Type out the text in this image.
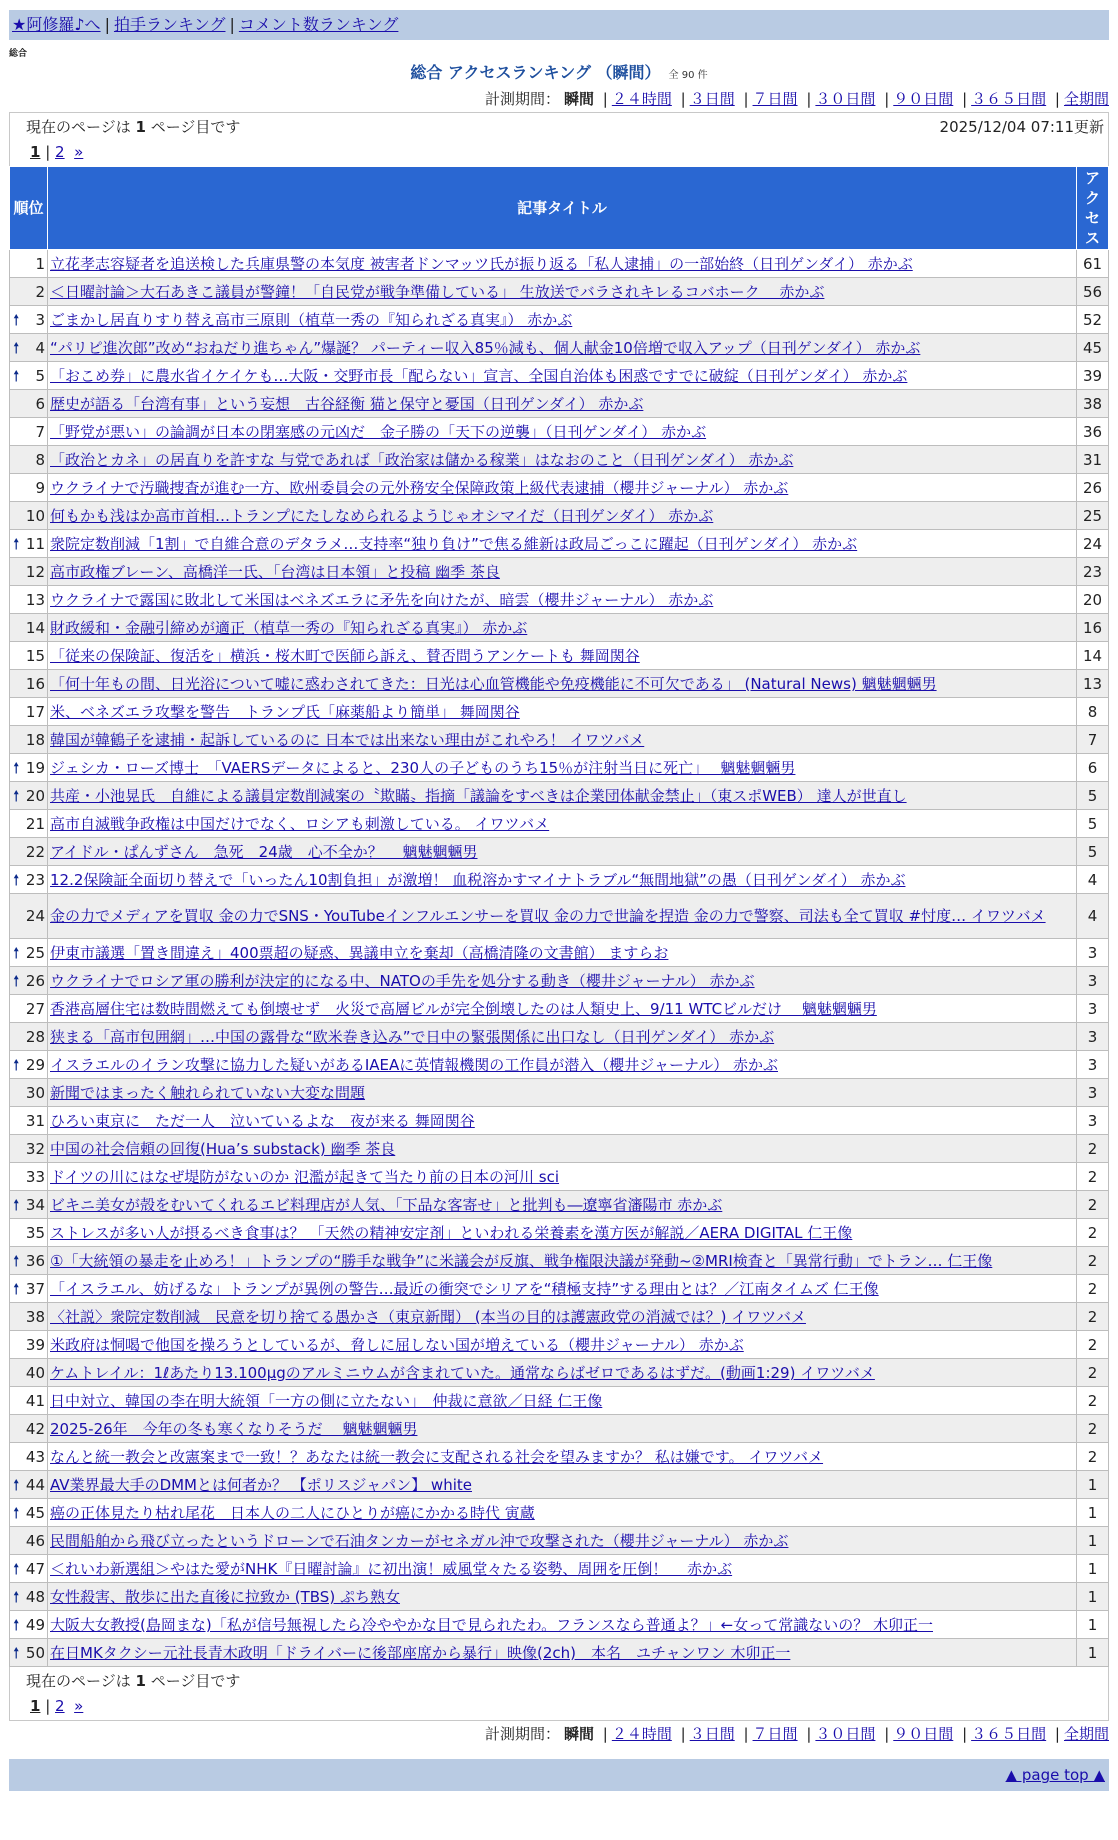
★阿修羅♪へ | 拍手ランキング | コメント数ランキング
総合
総合 アクセスランキング （瞬間） 全 90 件
計測期間： 瞬間 | ２４時間 | ３日間 | ７日間 | ３０日間 | ９０日間 | ３６５日間 | 全期間
現在のページは 1 ページ目です	2025/12/04 07:11更新
1 | 2 »
順位	記事タイトル	アクセス
1	立花孝志容疑者を追送検した兵庫県警の本気度 被害者ドンマッツ氏が振り返る「私人逮捕」の一部始終（日刊ゲンダイ） 赤かぶ	61
2	＜日曜討論＞大石あきこ議員が警鐘！「自民党が戦争準備している」 生放送でバラされキレるコバホーク　 赤かぶ	56

🠕 3	ごまかし居直りすり替え高市三原則（植草一秀の『知られざる真実』） 赤かぶ	52

🠕 4	“パリピ進次郎”改め“おねだり進ちゃん”爆誕？ パーティー収入85％減も、個人献金10倍増で収入アップ（日刊ゲンダイ） 赤かぶ	45

🠕 5	「おこめ券」に農水省イケイケも…大阪・交野市長「配らない」宣言、全国自治体も困惑ですでに破綻（日刊ゲンダイ） 赤かぶ	39
6	歴史が語る「台湾有事」という妄想　古谷経衡 猫と保守と憂国（日刊ゲンダイ） 赤かぶ	38
7	「野党が悪い」の論調が日本の閉塞感の元凶だ　金子勝の「天下の逆襲」（日刊ゲンダイ） 赤かぶ	36
8	「政治とカネ」の居直りを許すな 与党であれば「政治家は儲かる稼業」はなおのこと（日刊ゲンダイ） 赤かぶ	31
9	ウクライナで汚職捜査が進む一方、欧州委員会の元外務安全保障政策上級代表逮捕（櫻井ジャーナル） 赤かぶ	26
10	何もかも浅はか高市首相…トランプにたしなめられるようじゃオシマイだ（日刊ゲンダイ） 赤かぶ	25

🠕 11	衆院定数削減「1割」で自維合意のデタラメ…支持率“独り負け”で焦る維新は政局ごっこに躍起（日刊ゲンダイ） 赤かぶ	24
12	高市政権ブレーン、高橋洋一氏、「台湾は日本領」と投稿 幽季 茶良	23
13	ウクライナで露国に敗北して米国はベネズエラに矛先を向けたが、暗雲（櫻井ジャーナル） 赤かぶ	20
14	財政緩和・金融引締めが適正（植草一秀の『知られざる真実』） 赤かぶ	16
15	「従来の保険証、復活を」横浜・桜木町で医師ら訴え、賛否問うアンケートも 舞岡関谷	14
16	「何十年もの間、日光浴について嘘に惑わされてきた：日光は心血管機能や免疫機能に不可欠である」 (Natural News) 魑魅魍魎男	13
17	米、ベネズエラ攻撃を警告　トランプ氏「麻薬船より簡単」 舞岡関谷	8
18	韓国が韓鶴子を逮捕・起訴しているのに 日本では出来ない理由がこれやろ！ イワツバメ	7

🠕 19	ジェシカ・ローズ博士　「VAERSデータによると、230人の子どものうち15％が注射当日に死亡」　 魑魅魍魎男	6

🠕 20	共産・小池晃氏　自維による議員定数削減案の〝欺瞞〟指摘「議論をすべきは企業団体献金禁止」（東スポWEB） 達人が世直し	5
21	高市自滅戦争政権は中国だけでなく、ロシアも刺激している。 イワツバメ	5
22	アイドル・ぱんずさん　急死　24歳　心不全か？　 魑魅魍魎男	5

🠕 23	12.2保険証全面切り替えで「いったん10割負担」が激増！ 血税溶かすマイナトラブル“無間地獄”の愚（日刊ゲンダイ） 赤かぶ	4
24	金の力でメディアを買収 金の力でSNS・YouTubeインフルエンサーを買収 金の力で世論を捏造 金の力で警察、司法も全て買収 #忖度… イワツバメ	4

🠕 25	伊東市議選「置き間違え」400票超の疑惑、異議申立を棄却（高橋清隆の文書館） ますらお	3

🠕 26	ウクライナでロシア軍の勝利が決定的になる中、NATOの手先を処分する動き（櫻井ジャーナル） 赤かぶ	3
27	香港高層住宅は数時間燃えても倒壊せず　火災で高層ビルが完全倒壊したのは人類史上、9/11 WTCビルだけ　 魑魅魍魎男	3
28	狭まる「高市包囲網」…中国の露骨な“欧米巻き込み”で日中の緊張関係に出口なし（日刊ゲンダイ） 赤かぶ	3

🠕 29	イスラエルのイラン攻撃に協力した疑いがあるIAEAに英情報機関の工作員が潜入（櫻井ジャーナル） 赤かぶ	3
30	新聞ではまったく触れられていない大変な問題	3
31	ひろい東京に　ただ一人　泣いているよな　夜が来る 舞岡関谷	3
32	中国の社会信頼の回復(Hua’s substack) 幽季 茶良	2
33	ドイツの川にはなぜ堤防がないのか 氾濫が起きて当たり前の日本の河川 sci	2

🠕 34	ビキニ美女が殻をむいてくれるエビ料理店が人気、「下品な客寄せ」と批判も―遼寧省瀋陽市 赤かぶ	2
35	ストレスが多い人が摂るべき食事は？ 「天然の精神安定剤」といわれる栄養素を漢方医が解説／AERA DIGITAL 仁王像	2

🠕 36	①「大統領の暴走を止めろ！」トランプの“勝手な戦争”に米議会が反旗、戦争権限決議が発動~②MRI検査と「異常行動」でトラン… 仁王像	2

🠕 37	「イスラエル、妨げるな」トランプが異例の警告…最近の衝突でシリアを“積極支持”する理由とは？／江南タイムズ 仁王像	2
38	〈社説〉衆院定数削減　民意を切り捨てる愚かさ（東京新聞） (本当の目的は護憲政党の消滅では？) イワツバメ	2
39	米政府は恫喝で他国を操ろうとしているが、脅しに屈しない国が増えている（櫻井ジャーナル） 赤かぶ	2
40	ケムトレイル：1ℓあたり13.100μgのアルミニウムが含まれていた。通常ならばゼロであるはずだ。(動画1:29) イワツバメ	2
41	日中対立、韓国の李在明大統領「一方の側に立たない」　仲裁に意欲／日経 仁王像	2
42	2025-26年　今年の冬も寒くなりそうだ　 魑魅魍魎男	2
43	なんと統一教会と改憲案まで一致！？あなたは統一教会に支配される社会を望みますか？ 私は嫌です。 イワツバメ	2

🠕 44	AV業界最大手のDMMとは何者か？ 【ポリスジャパン】 white	1

🠕 45	癌の正体見たり枯れ尾花　日本人の二人にひとりが癌にかかる時代 寅蔵	1
46	民間船舶から飛び立ったというドローンで石油タンカーがセネガル沖で攻撃された（櫻井ジャーナル） 赤かぶ	1

🠕 47	＜れいわ新選組＞やはた愛がNHK『日曜討論』に初出演！威風堂々たる姿勢、周囲を圧倒！　 赤かぶ	1

🠕 48	女性殺害、散歩に出た直後に拉致か (TBS) ぷち熟女	1

🠕 49	大阪大女教授(島岡まな)「私が信号無視したら冷ややかな目で見られたわ。フランスなら普通よ？」←女って常識ないの？ 木卯正一	1

🠕 50	在日MKタクシー元社長青木政明「ドライバーに後部座席から暴行」映像(2ch)　本名　ユチャンワン 木卯正一	1
現在のページは 1 ページ目です
1 | 2 »
計測期間： 瞬間 | ２４時間 | ３日間 | ７日間 | ３０日間 | ９０日間 | ３６５日間 | 全期間
▲ page top ▲
